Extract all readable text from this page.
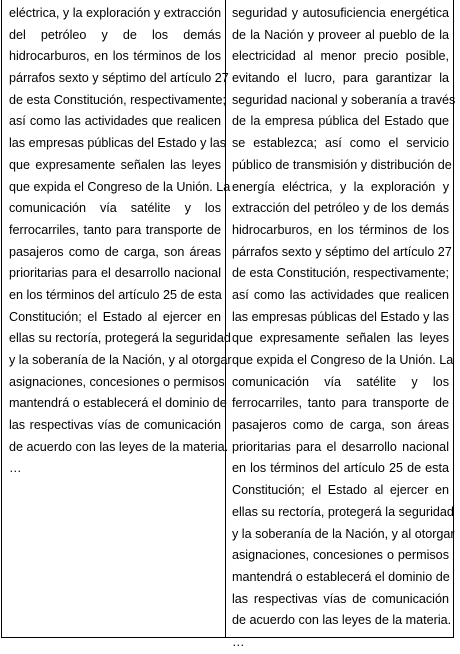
eléctrica, y la exploración y extracción
del petróleo y de los demás
hidrocarburos, en los términos de los
párrafos sexto y séptimo del artículo 27
de esta Constitución, respectivamente;
así como las actividades que realicen
las empresas públicas del Estado y las
que expresamente señalen las leyes
que expida el Congreso de la Unión. La
comunicación vía satélite y los
ferrocarriles, tanto para transporte de
pasajeros como de carga, son áreas
prioritarias para el desarrollo nacional
en los términos del artículo 25 de esta
Constitución; el Estado al ejercer en
ellas su rectoría, protegerá la seguridad
y la soberanía de la Nación, y al otorgar
asignaciones, concesiones o permisos
mantendrá o establecerá el dominio de
las respectivas vías de comunicación
de acuerdo con las leyes de la materia.
…
seguridad y autosuficiencia energética
de la Nación y proveer al pueblo de la
electricidad al menor precio posible,
evitando el lucro, para garantizar la
seguridad nacional y soberanía a través
de la empresa pública del Estado que
se establezca; así como el servicio
público de transmisión y distribución de
energía eléctrica, y la exploración y
extracción del petróleo y de los demás
hidrocarburos, en los términos de los
párrafos sexto y séptimo del artículo 27
de esta Constitución, respectivamente;
así como las actividades que realicen
las empresas públicas del Estado y las
que expresamente señalen las leyes
que expida el Congreso de la Unión. La
comunicación vía satélite y los
ferrocarriles, tanto para transporte de
pasajeros como de carga, son áreas
prioritarias para el desarrollo nacional
en los términos del artículo 25 de esta
Constitución; el Estado al ejercer en
ellas su rectoría, protegerá la seguridad
y la soberanía de la Nación, y al otorgar
asignaciones, concesiones o permisos
mantendrá o establecerá el dominio de
las respectivas vías de comunicación
de acuerdo con las leyes de la materia.
…
